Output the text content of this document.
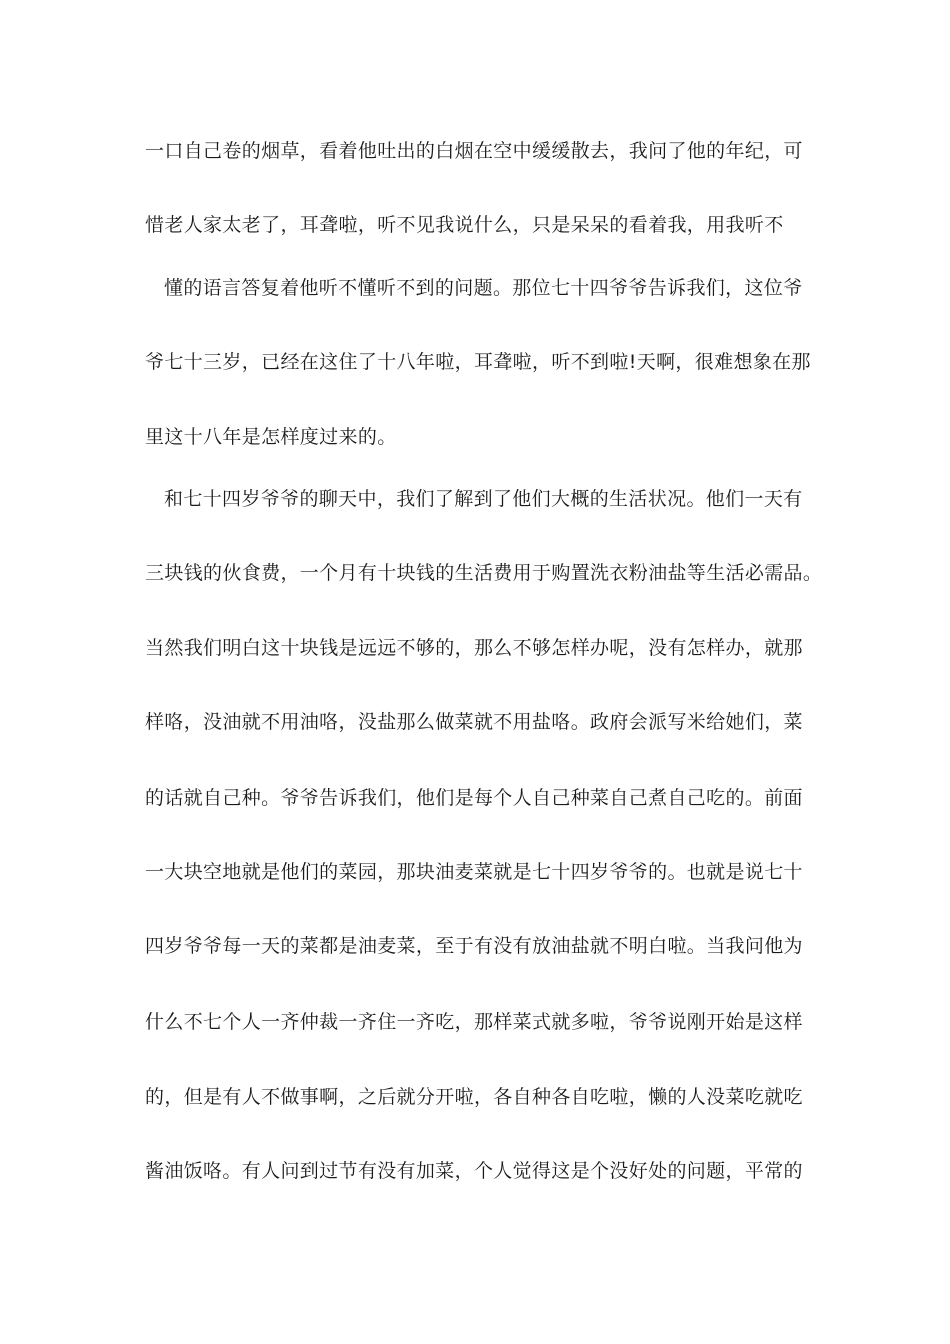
一口自己卷的烟草，看着他吐出的白烟在空中缓缓散去，我问了他的年纪，可
惜老人家太老了，耳聋啦，听不见我说什么，只是呆呆的看着我，用我听不
懂的语言答复着他听不懂听不到的问题。那位七十四爷爷告诉我们，这位爷
爷七十三岁，已经在这住了十八年啦，耳聋啦，听不到啦!天啊，很难想象在那
里这十八年是怎样度过来的。
和七十四岁爷爷的聊天中，我们了解到了他们大概的生活状况。他们一天有
三块钱的伙食费，一个月有十块钱的生活费用于购置洗衣粉油盐等生活必需品。
当然我们明白这十块钱是远远不够的，那么不够怎样办呢，没有怎样办，就那
样咯，没油就不用油咯，没盐那么做菜就不用盐咯。政府会派写米给她们，菜
的话就自己种。爷爷告诉我们，他们是每个人自己种菜自己煮自己吃的。前面
一大块空地就是他们的菜园，那块油麦菜就是七十四岁爷爷的。也就是说七十
四岁爷爷每一天的菜都是油麦菜，至于有没有放油盐就不明白啦。当我问他为
什么不七个人一齐仲裁一齐住一齐吃，那样菜式就多啦，爷爷说刚开始是这样
的，但是有人不做事啊，之后就分开啦，各自种各自吃啦，懒的人没菜吃就吃
酱油饭咯。有人问到过节有没有加菜，个人觉得这是个没好处的问题，平常的
